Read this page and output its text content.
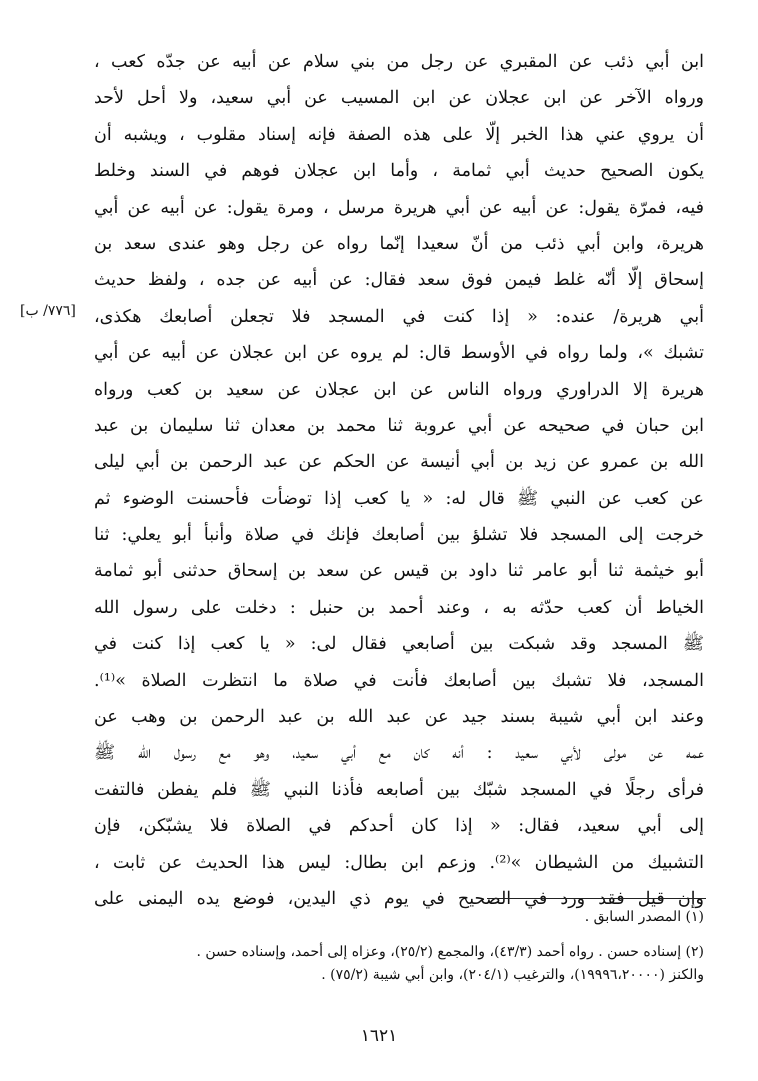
ابن أبي ذئب عن المقبري عن رجل من بني سلام عن أبيه عن جدّه كعب ،
ورواه الآخر عن ابن عجلان عن ابن المسيب عن أبي سعيد، ولا أحل لأحد
أن يروي عني هذا الخبر إلّا على هذه الصفة فإنه إسناد مقلوب ، ويشبه أن
يكون الصحيح حديث أبي ثمامة ، وأما ابن عجلان فوهم في السند وخلط
فيه، فمرّة يقول: عن أبيه عن أبي هريرة مرسل ، ومرة يقول: عن أبيه عن أبي
هريرة، وابن أبي ذئب من أنّ سعيدا إنّما رواه عن رجل وهو عندى سعد بن
إسحاق إلّا أنّه غلط فيمن فوق سعد فقال: عن أبيه عن جده ، ولفظ حديث
أبي هريرة/ عنده: « إذا كنت في المسجد فلا تجعلن أصابعك هكذى،
تشبك »، ولما رواه في الأوسط قال: لم يروه عن ابن عجلان عن أبيه عن أبي
هريرة إلا الدراوري ورواه الناس عن ابن عجلان عن سعيد بن كعب ورواه
ابن حبان في صحيحه عن أبي عروبة ثنا محمد بن معدان ثنا سليمان بن عبد
الله بن عمرو عن زيد بن أبي أنيسة عن الحكم عن عبد الرحمن بن أبي ليلى
عن كعب عن النبي ﷺ قال له: « يا كعب إذا توضأت فأحسنت الوضوء ثم
خرجت إلى المسجد فلا تشلؤ بين أصابعك فإنك في صلاة وأنبأ أبو يعلي: ثنا
أبو خيثمة ثنا أبو عامر ثنا داود بن قيس عن سعد بن إسحاق حدثنى أبو ثمامة
الخياط أن كعب حدّثه به ، وعند أحمد بن حنبل : دخلت على رسول الله
ﷺ المسجد وقد شبكت بين أصابعي فقال لى: « يا كعب إذا كنت في
المسجد، فلا تشبك بين أصابعك فأنت في صلاة ما انتظرت الصلاة »⁽¹⁾.
وعند ابن أبي شيبة بسند جيد عن عبد الله بن عبد الرحمن بن وهب عن
عمه عن مولى لأبي سعيد : أنه كان مع أبي سعيد، وهو مع رسول الله ﷺ
فرأى رجلًا في المسجد شبّك بين أصابعه فأذنا النبي ﷺ فلم يفطن فالتفت
إلى أبي سعيد، فقال: « إذا كان أحدكم في الصلاة فلا يشبّكن، فإن
التشبيك من الشيطان »⁽²⁾. وزعم ابن بطال: ليس هذا الحديث عن ثابت ،
وإن قيل فقد ورد في الصحيح في يوم ذي اليدين، فوضع يده اليمنى على
[٧٧٦/ ب]
(١) المصدر السابق .
(٢) إسناده حسن . رواه أحمد (٤٣/٣)، والمجمع (٢٥/٢)، وعزاه إلى أحمد، وإسناده حسن .
والكنز (١٩٩٩٦،٢٠٠٠٠)، والترغيب (٢٠٤/١)، وابن أبي شيبة (٧٥/٢) .
١٦٢١
